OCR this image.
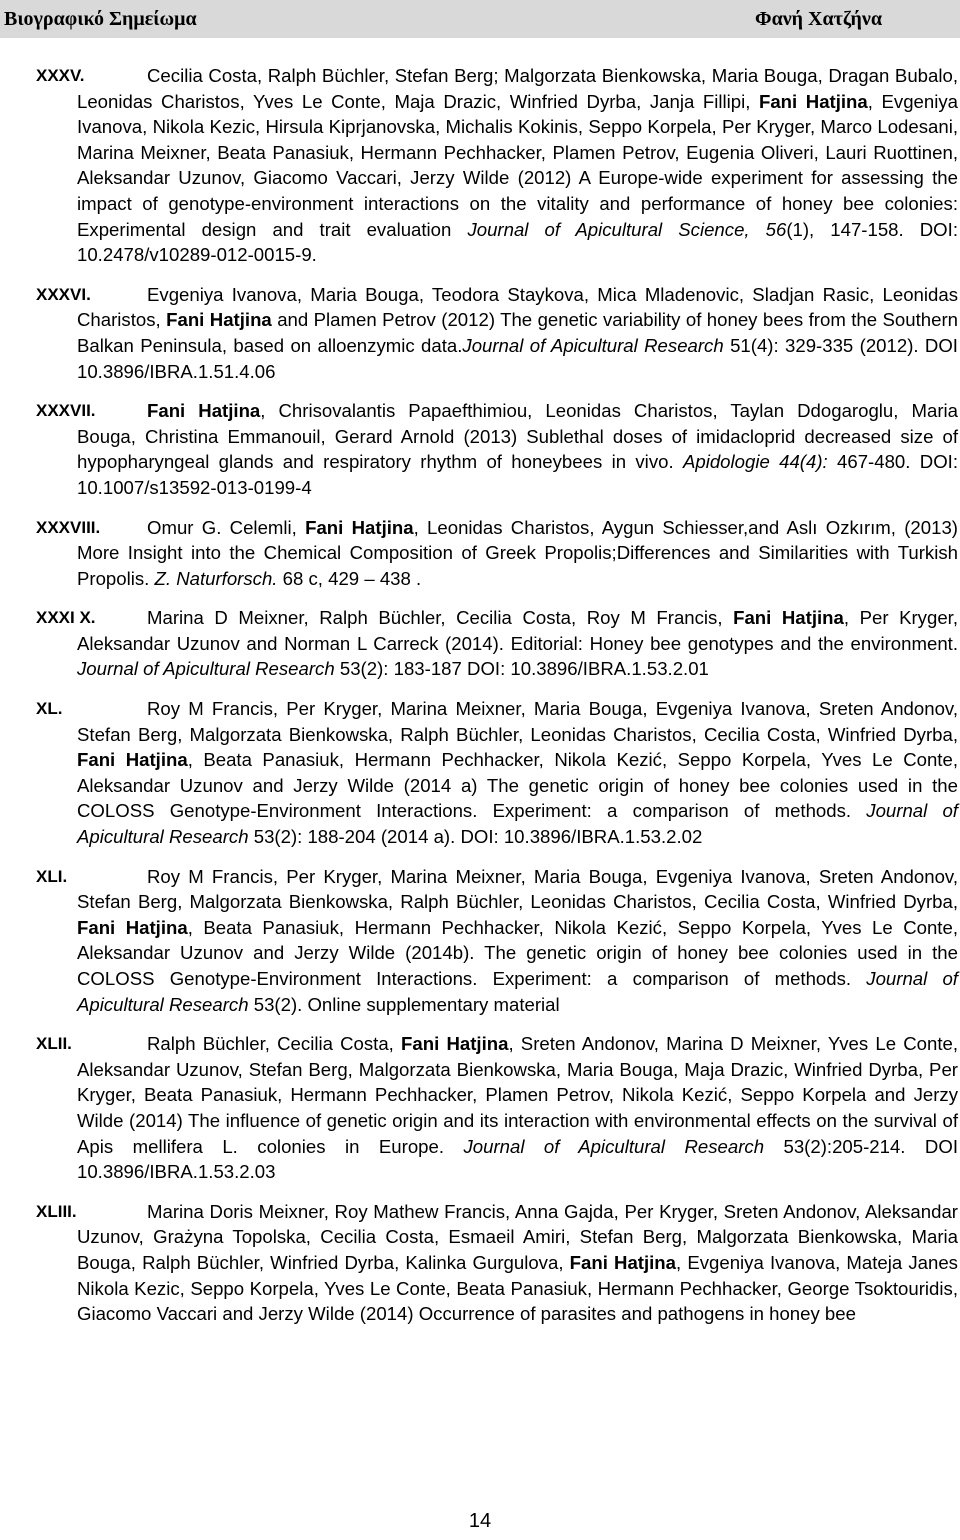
Βιογραφικό Σημείωμα	Φανή Χατζήνα
XXXV.	Cecilia Costa, Ralph Büchler, Stefan Berg; Malgorzata Bienkowska, Maria Bouga, Dragan Bubalo, Leonidas Charistos, Yves Le Conte, Maja Drazic, Winfried Dyrba, Janja Fillipi, Fani Hatjina, Evgeniya Ivanova, Nikola Kezic, Hirsula Kiprjanovska, Michalis Kokinis, Seppo Korpela, Per Kryger, Marco Lodesani, Marina Meixner, Beata Panasiuk, Hermann Pechhacker, Plamen Petrov, Eugenia Oliveri, Lauri Ruottinen, Aleksandar Uzunov, Giacomo Vaccari, Jerzy Wilde (2012) A Europe-wide experiment for assessing the impact of genotype-environment interactions on the vitality and performance of honey bee colonies: Experimental design and trait evaluation Journal of Apicultural Science, 56(1), 147-158. DOI: 10.2478/v10289-012-0015-9.
XXXVI.	Evgeniya Ivanova, Maria Bouga, Teodora Staykova, Mica Mladenovic, Sladjan Rasic, Leonidas Charistos, Fani Hatjina and Plamen Petrov (2012) The genetic variability of honey bees from the Southern Balkan Peninsula, based on alloenzymic data.Journal of Apicultural Research 51(4): 329-335 (2012). DOI 10.3896/IBRA.1.51.4.06
XXXVII.	Fani Hatjina, Chrisovalantis Papaefthimiou, Leonidas Charistos, Taylan Ddogaroglu, Maria Bouga, Christina Emmanouil, Gerard Arnold (2013) Sublethal doses of imidacloprid decreased size of hypopharyngeal glands and respiratory rhythm of honeybees in vivo. Apidologie 44(4): 467-480. DOI: 10.1007/s13592-013-0199-4
XXXVIII.	Omur G. Celemli, Fani Hatjina, Leonidas Charistos, Aygun Schiesser,and Aslı Ozkırım, (2013) More Insight into the Chemical Composition of Greek Propolis;Differences and Similarities with Turkish Propolis. Z. Naturforsch. 68 c, 429 – 438 .
XXXI X.	Marina D Meixner, Ralph Büchler, Cecilia Costa, Roy M Francis, Fani Hatjina, Per Kryger, Aleksandar Uzunov and Norman L Carreck (2014). Editorial: Honey bee genotypes and the environment. Journal of Apicultural Research 53(2): 183-187 DOI: 10.3896/IBRA.1.53.2.01
XL.	Roy M Francis, Per Kryger, Marina Meixner, Maria Bouga, Evgeniya Ivanova, Sreten Andonov, Stefan Berg, Malgorzata Bienkowska, Ralph Büchler, Leonidas Charistos, Cecilia Costa, Winfried Dyrba, Fani Hatjina, Beata Panasiuk, Hermann Pechhacker, Nikola Kezić, Seppo Korpela, Yves Le Conte, Aleksandar Uzunov and Jerzy Wilde (2014 a) The genetic origin of honey bee colonies used in the COLOSS Genotype-Environment Interactions. Experiment: a comparison of methods. Journal of Apicultural Research 53(2): 188-204 (2014 a). DOI: 10.3896/IBRA.1.53.2.02
XLI.	Roy M Francis, Per Kryger, Marina Meixner, Maria Bouga, Evgeniya Ivanova, Sreten Andonov, Stefan Berg, Malgorzata Bienkowska, Ralph Büchler, Leonidas Charistos, Cecilia Costa, Winfried Dyrba, Fani Hatjina, Beata Panasiuk, Hermann Pechhacker, Nikola Kezić, Seppo Korpela, Yves Le Conte, Aleksandar Uzunov and Jerzy Wilde (2014b). The genetic origin of honey bee colonies used in the COLOSS Genotype-Environment Interactions. Experiment: a comparison of methods. Journal of Apicultural Research 53(2). Online supplementary material
XLII.	Ralph Büchler, Cecilia Costa, Fani Hatjina, Sreten Andonov, Marina D Meixner, Yves Le Conte, Aleksandar Uzunov, Stefan Berg, Malgorzata Bienkowska, Maria Bouga, Maja Drazic, Winfried Dyrba, Per Kryger, Beata Panasiuk, Hermann Pechhacker, Plamen Petrov, Nikola Kezić, Seppo Korpela and Jerzy Wilde (2014) The influence of genetic origin and its interaction with environmental effects on the survival of Apis mellifera L. colonies in Europe. Journal of Apicultural Research 53(2):205-214. DOI 10.3896/IBRA.1.53.2.03
XLIII.	Marina Doris Meixner, Roy Mathew Francis, Anna Gajda, Per Kryger, Sreten Andonov, Aleksandar Uzunov, Grażyna Topolska, Cecilia Costa, Esmaeil Amiri, Stefan Berg, Malgorzata Bienkowska, Maria Bouga, Ralph Büchler, Winfried Dyrba, Kalinka Gurgulova, Fani Hatjina, Evgeniya Ivanova, Mateja Janes Nikola Kezic, Seppo Korpela, Yves Le Conte, Beata Panasiuk, Hermann Pechhacker, George Tsoktouridis, Giacomo Vaccari and Jerzy Wilde (2014) Occurrence of parasites and pathogens in honey bee
14
